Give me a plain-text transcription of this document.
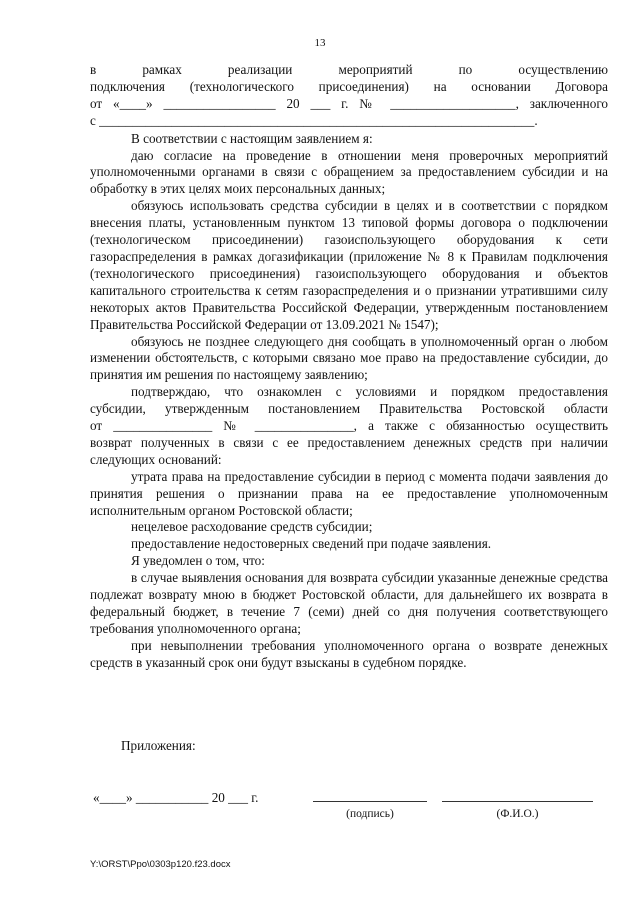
13
в рамках реализации мероприятий по осуществлению
подключения (технологического присоединения) на основании Договора
от «____» _________________ 20 ___ г. № ___________________, заключенного
с __________________________________________________________________.
В соответствии с настоящим заявлением я:
даю согласие на проведение в отношении меня проверочных мероприятий уполномоченными органами в связи с обращением за предоставлением субсидии и на обработку в этих целях моих персональных данных;
обязуюсь использовать средства субсидии в целях и в соответствии с порядком внесения платы, установленным пунктом 13 типовой формы договора о подключении (технологическом присоединении) газоиспользующего оборудования к сети газораспределения в рамках догазификации (приложение № 8 к Правилам подключения (технологического присоединения) газоиспользующего оборудования и объектов капитального строительства к сетям газораспределения и о признании утратившими силу некоторых актов Правительства Российской Федерации, утвержденным постановлением Правительства Российской Федерации от 13.09.2021 № 1547);
обязуюсь не позднее следующего дня сообщать в уполномоченный орган о любом изменении обстоятельств, с которыми связано мое право на предоставление субсидии, до принятия им решения по настоящему заявлению;
подтверждаю, что ознакомлен с условиями и порядком предоставления
субсидии, утвержденным постановлением Правительства Ростовской области
от _______________ № _______________, а также с обязанностью осуществить
возврат полученных в связи с ее предоставлением денежных средств при наличии следующих оснований:
утрата права на предоставление субсидии в период с момента подачи заявления до принятия решения о признании права на ее предоставление уполномоченным исполнительным органом Ростовской области;
нецелевое расходование средств субсидии;
предоставление недостоверных сведений при подаче заявления.
Я уведомлен о том, что:
в случае выявления основания для возврата субсидии указанные денежные средства подлежат возврату мною в бюджет Ростовской области, для дальнейшего их возврата в федеральный бюджет, в течение 7 (семи) дней со дня получения соответствующего требования уполномоченного органа;
при невыполнении требования уполномоченного органа о возврате денежных средств в указанный срок они будут взысканы в судебном порядке.
Приложения:
«____» ___________ 20 ___ г.
(подпись)	(Ф.И.О.)
Y:\ORST\Ppo\0303p120.f23.docx
